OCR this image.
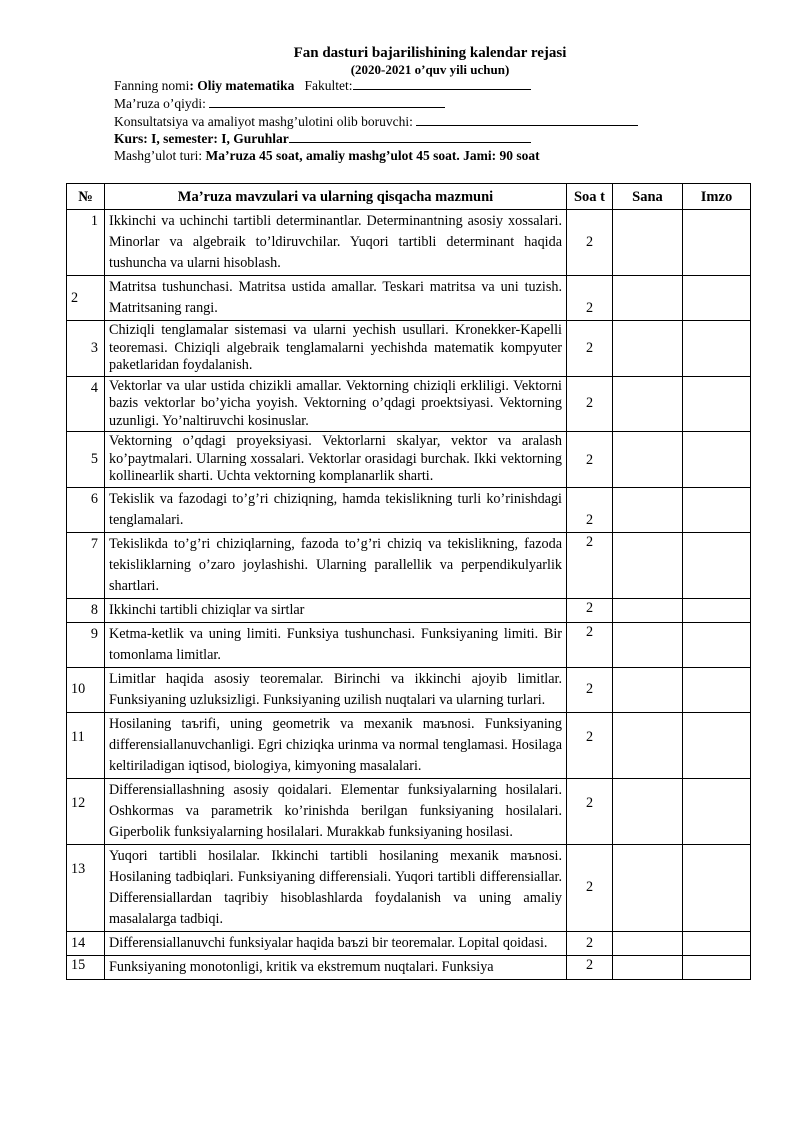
Fan dasturi bajarilishining kalendar rejasi
(2020-2021 o’quv yili uchun)
Fanning nomi: Oliy matematika Fakultet:
Ma’ruza o’qiydi:
Konsultatsiya va amaliyot mashg’ulotini olib boruvchi:
Kurs: I, semester: I, Guruhlar
Mashg’ulot turi: Ma’ruza 45 soat, amaliy mashg’ulot 45 soat. Jami: 90 soat
№	Ma’ruza mavzulari va ularning qisqacha mazmuni	Soa t	Sana	Imzo
1	Ikkinchi va uchinchi tartibli determinantlar. Determinantning asosiy xossalari. Minorlar va algebraik to’ldiruvchilar. Yuqori tartibli determinant haqida tushuncha va ularni hisoblash.	2		
2	Matritsa tushunchasi. Matritsa ustida amallar. Teskari matritsa va uni tuzish. Matritsaning rangi.	2		
3	Chiziqli tenglamalar sistemasi va ularni yechish usullari. Kronekker-Kapelli teoremasi. Chiziqli algebraik tenglamalarni yechishda matematik kompyuter paketlaridan foydalanish.	2		
4	Vektorlar va ular ustida chizikli amallar. Vektorning chiziqli erkliligi. Vektorni bazis vektorlar bo’yicha yoyish. Vektorning o’qdagi proektsiyasi. Vektorning uzunligi. Yo’naltiruvchi kosinuslar.	2		
5	Vektorning o’qdagi proyeksiyasi. Vektorlarni skalyar, vektor va aralash ko’paytmalari. Ularning xossalari. Vektorlar orasidagi burchak. Ikki vektorning kollinearlik sharti. Uchta vektorning komplanarlik sharti.	2		
6	Tekislik va fazodagi to’g’ri chiziqning, hamda tekislikning turli ko’rinishdagi tenglamalari.	2		
7	Tekislikda to’g’ri chiziqlarning, fazoda to’g’ri chiziq va tekislikning, fazoda tekisliklarning o’zaro joylashishi. Ularning parallellik va perpendikulyarlik shartlari.	2		
8	Ikkinchi tartibli chiziqlar va sirtlar	2		
9	Ketma-ketlik va uning limiti. Funksiya tushunchasi. Funksiyaning limiti. Bir tomonlama limitlar.	2		
10	Limitlar haqida asosiy teoremalar. Birinchi va ikkinchi ajoyib limitlar. Funksiyaning uzluksizligi. Funksiyaning uzilish nuqtalari va ularning turlari.	2		
11	Hosilaning taъrifi, uning geometrik va mexanik maъnosi. Funksiyaning differensiallanuvchanligi. Egri chiziqka urinma va normal tenglamasi. Hosilaga keltiriladigan iqtisod, biologiya, kimyoning masalalari.	2		
12	Differensiallashning asosiy qoidalari. Elementar funksiyalarning hosilalari. Oshkormas va parametrik ko’rinishda berilgan funksiyaning hosilalari. Giperbolik funksiyalarning hosilalari. Murakkab funksiyaning hosilasi.	2		
13	Yuqori tartibli hosilalar. Ikkinchi tartibli hosilaning mexanik maъnosi. Hosilaning tadbiqlari. Funksiyaning differensiali. Yuqori tartibli differensiallar. Differensiallardan taqribiy hisoblashlarda foydalanish va uning amaliy masalalarga tadbiqi.	2		
14	Differensiallanuvchi funksiyalar haqida baъzi bir teoremalar. Lopital qoidasi.	2		
15	Funksiyaning monotonligi, kritik va ekstremum nuqtalari. Funksiya	2		
